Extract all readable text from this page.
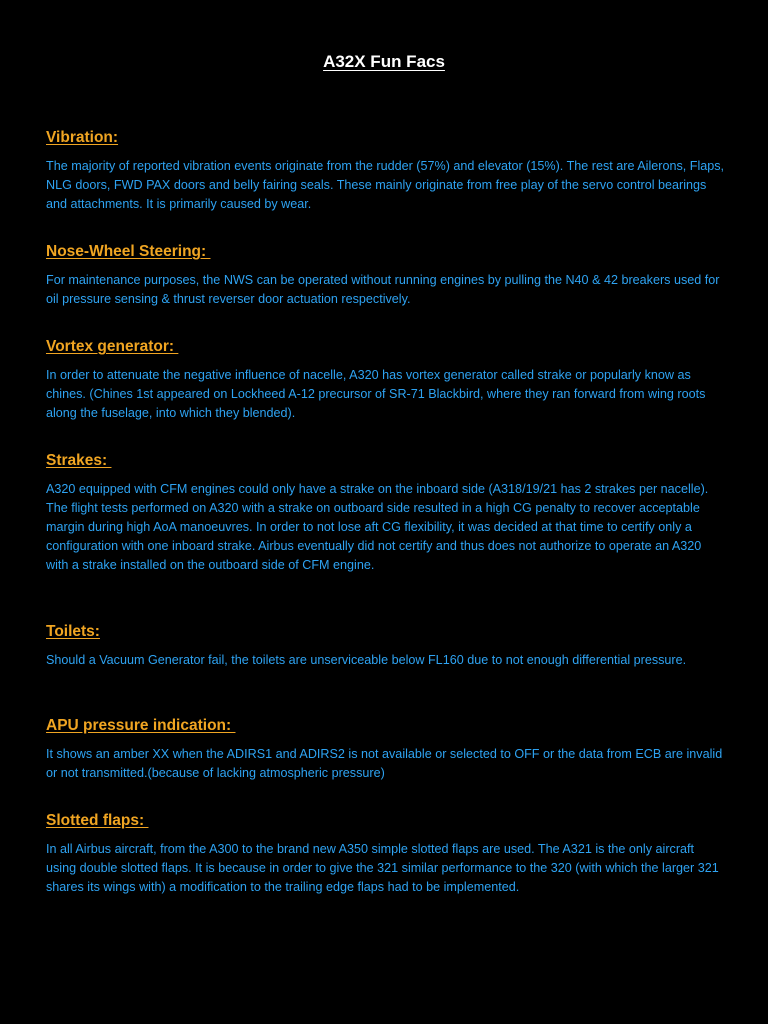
A32X Fun Facs
Vibration:

The majority of reported vibration events originate from the rudder (57%) and elevator (15%). The rest are Ailerons, Flaps, NLG doors, FWD PAX doors and belly fairing seals. These mainly originate from free play of the servo control bearings and attachments. It is primarily caused by wear.

Nose-Wheel Steering:

For maintenance purposes, the NWS can be operated without running engines by pulling the N40 & 42 breakers used for oil pressure sensing & thrust reverser door actuation respectively.

Vortex generator:

In order to attenuate the negative influence of nacelle, A320 has vortex generator called strake or popularly know as chines. (Chines 1st appeared on Lockheed A-12 precursor of SR-71 Blackbird, where they ran forward from wing roots along the fuselage, into which they blended).

Strakes:

A320 equipped with CFM engines could only have a strake on the inboard side (A318/19/21 has 2 strakes per nacelle). The flight tests performed on A320 with a strake on outboard side resulted in a high CG penalty to recover acceptable margin during high AoA manoeuvres. In order to not lose aft CG flexibility, it was decided at that time to certify only a configuration with one inboard strake. Airbus eventually did not certify and thus does not authorize to operate an A320 with a strake installed on the outboard side of CFM engine.

Toilets:

Should a Vacuum Generator fail, the toilets are unserviceable below FL160 due to not enough differential pressure.

APU pressure indication:

It shows an amber XX when the ADIRS1 and ADIRS2 is not available or selected to OFF or the data from ECB are invalid or not transmitted.(because of lacking atmospheric pressure)

Slotted flaps:

In all Airbus aircraft, from the A300 to the brand new A350 simple slotted flaps are used. The A321 is the only aircraft using double slotted flaps. It is because in order to give the 321 similar performance to the 320 (with which the larger 321 shares its wings with) a modification to the trailing edge flaps had to be implemented.
